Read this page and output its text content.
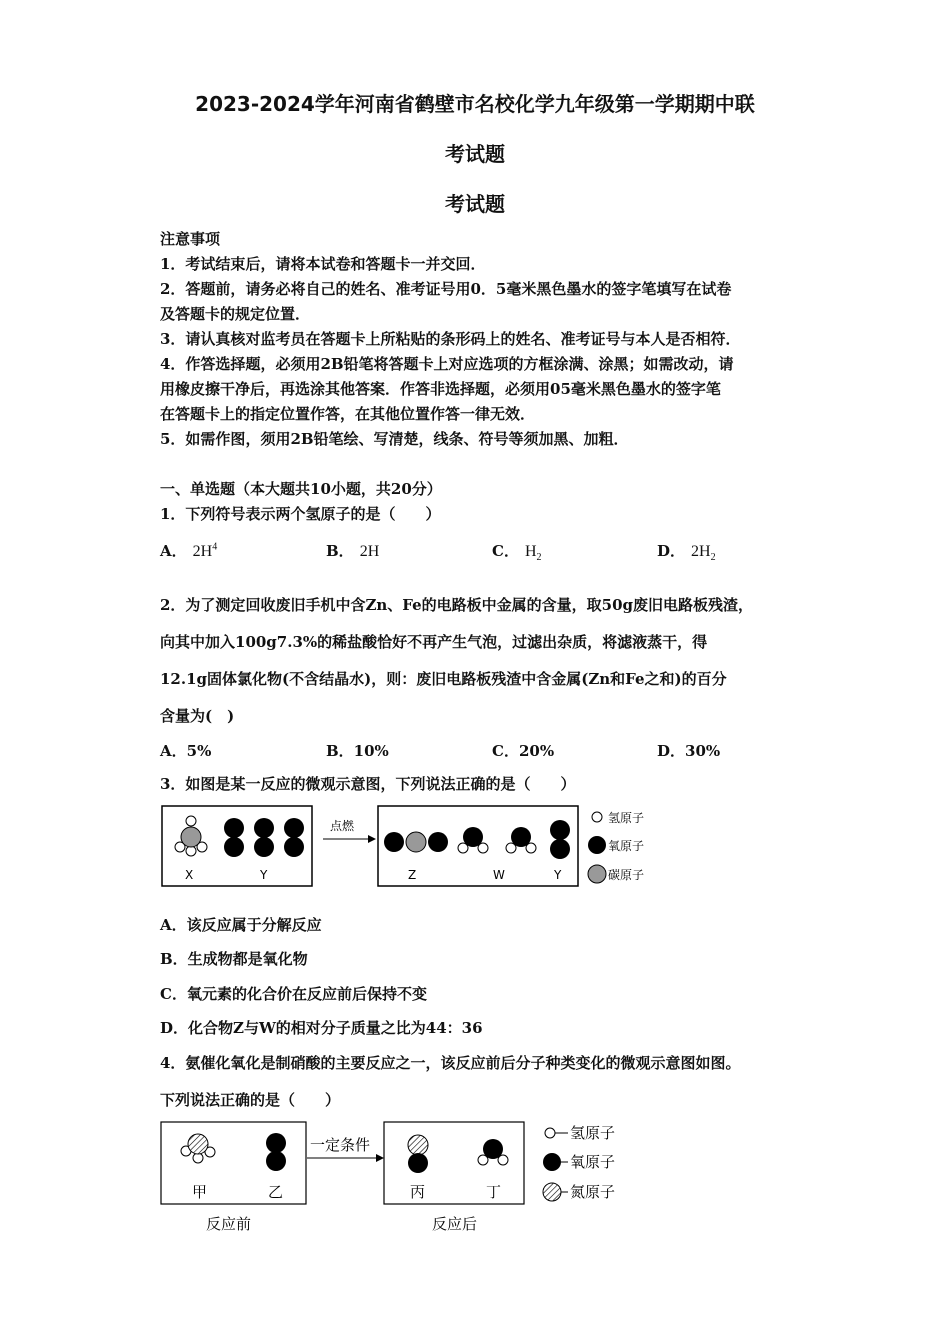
2023-2024学年河南省鹤壁市名校化学九年级第一学期期中联
考试题
考试题
注意事项
1．考试结束后，请将本试卷和答题卡一并交回．
2．答题前，请务必将自己的姓名、准考证号用0．5毫米黑色墨水的签字笔填写在试卷
及答题卡的规定位置．
3．请认真核对监考员在答题卡上所粘贴的条形码上的姓名、准考证号与本人是否相符．
4．作答选择题，必须用2B铅笔将答题卡上对应选项的方框涂满、涂黑；如需改动，请
用橡皮擦干净后，再选涂其他答案．作答非选择题，必须用05毫米黑色墨水的签字笔
在答题卡上的指定位置作答，在其他位置作答一律无效．
5．如需作图，须用2B铅笔绘、写清楚，线条、符号等须加黑、加粗．
一、单选题（本大题共10小题，共20分）
1．下列符号表示两个氢原子的是（　　）
A． $2H^4$	B． 2H	C． $H_2$	D． $2H_2$
2．为了测定回收废旧手机中含Zn、Fe的电路板中金属的含量，取50g废旧电路板残渣，
向其中加入100g7.3%的稀盐酸恰好不再产生气泡，过滤出杂质，将滤液蒸干，得
12.1g固体氯化物(不含结晶水)，则：废旧电路板残渣中含金属(Zn和Fe之和)的百分
含量为(　)
A．5%	B．10%	C．20%	D．30%
3．如图是某一反应的微观示意图，下列说法正确的是（　　）
X	Y
点燃
Z	W	Y
氢原子
氧原子
碳原子
A．该反应属于分解反应
B．生成物都是氧化物
C．氧元素的化合价在反应前后保持不变
D．化合物Z与W的相对分子质量之比为44：36
4．氨催化氧化是制硝酸的主要反应之一，该反应前后分子种类变化的微观示意图如图。
下列说法正确的是（　　）
甲	乙
一定条件
丙	丁
反应前	反应后
氢原子
氧原子
氮原子
